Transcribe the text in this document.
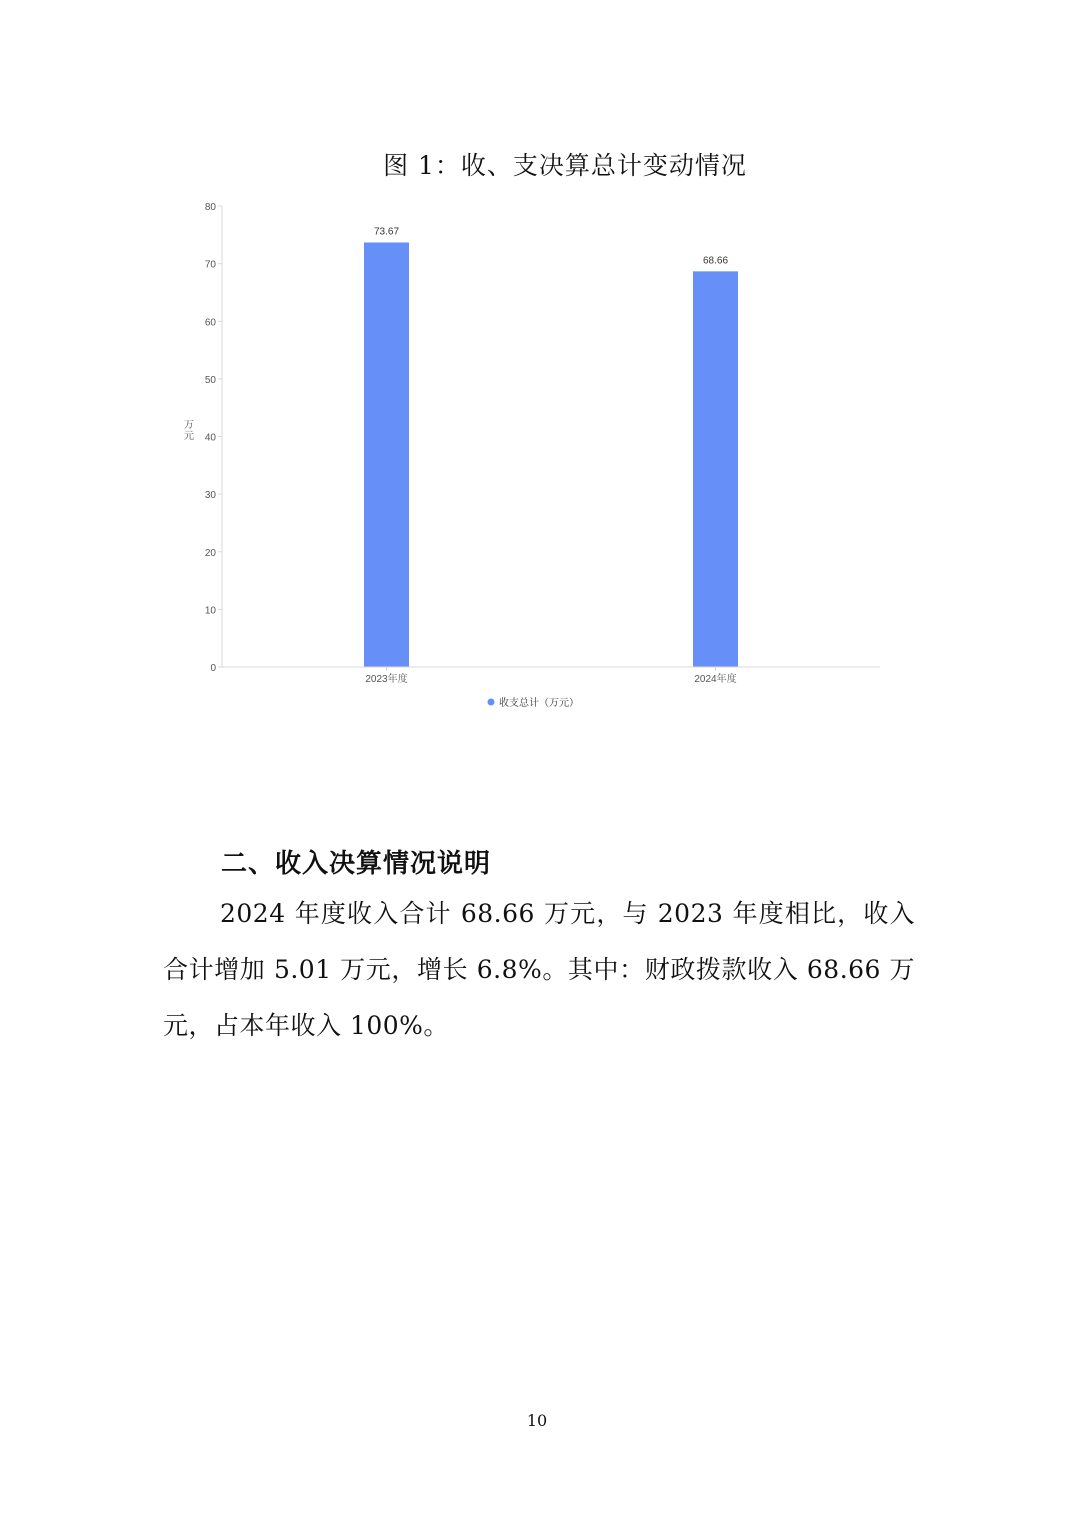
图 1：收、支决算总计变动情况
0
10
20
30
40
50
60
70
80
万元
73.67
68.66
2023年度	2024年度
收支总计（万元）
二、收入决算情况说明
2024 年度收入合计 68.66 万元，与 2023 年度相比，收入合计增加 5.01 万元，增长 6.8%。其中：财政拨款收入 68.66 万元，占本年收入 100%。
10
